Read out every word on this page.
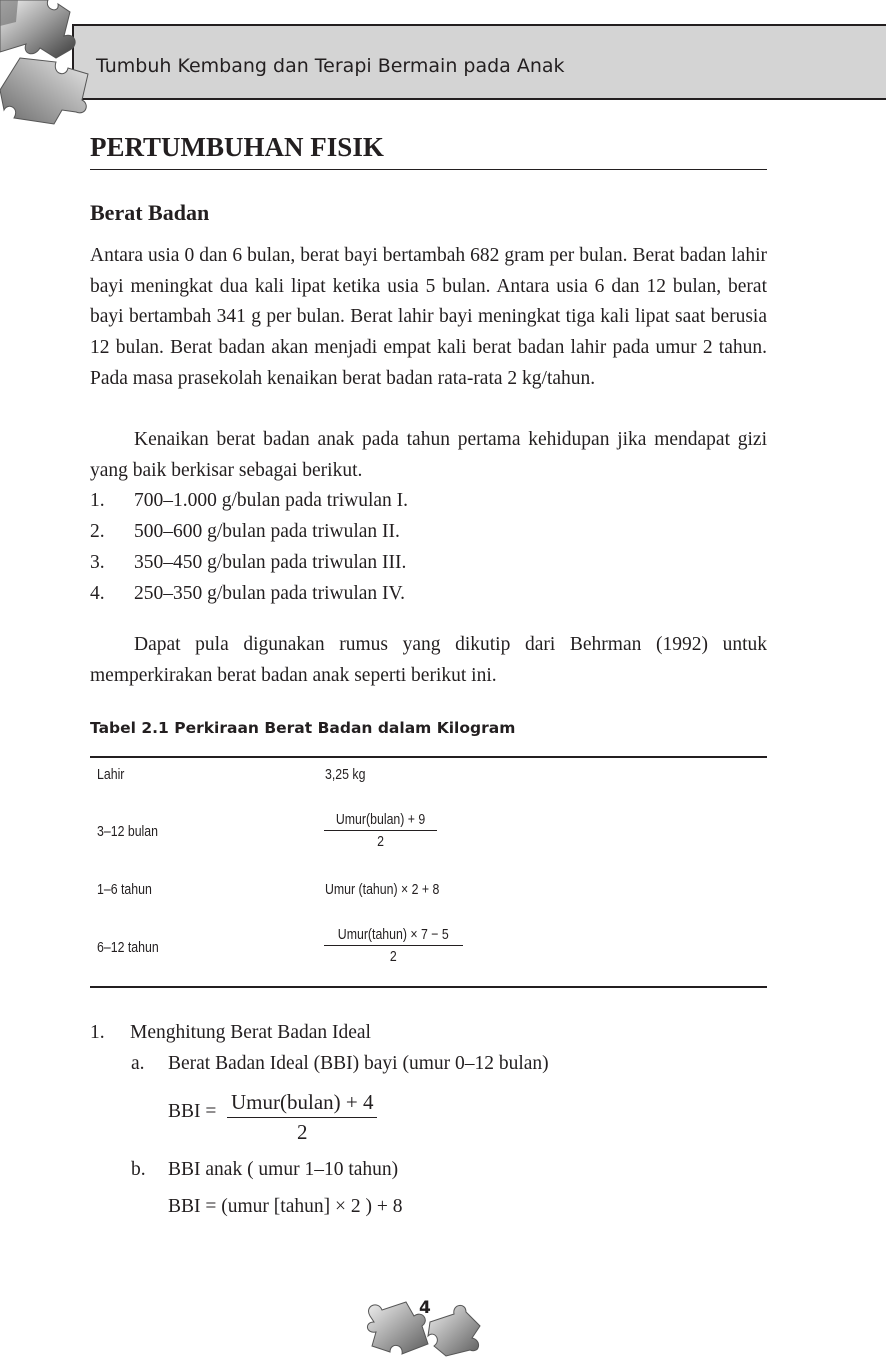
Tumbuh Kembang dan Terapi Bermain pada Anak
PERTUMBUHAN FISIK
Berat Badan
Antara usia 0 dan 6 bulan, berat bayi bertambah 682 gram per bulan. Berat badan lahir bayi meningkat dua kali lipat ketika usia 5 bulan. Antara usia 6 dan 12 bulan, berat bayi bertambah 341 g per bulan. Berat lahir bayi meningkat tiga kali lipat saat berusia 12 bulan. Berat badan akan menjadi empat kali berat badan lahir pada umur 2 tahun. Pada masa prasekolah kenaikan berat badan rata-rata 2 kg/tahun.
Kenaikan berat badan anak pada tahun pertama kehidupan jika mendapat gizi yang baik berkisar sebagai berikut.
1. 700–1.000 g/bulan pada triwulan I.
2. 500–600 g/bulan pada triwulan II.
3. 350–450 g/bulan pada triwulan III.
4. 250–350 g/bulan pada triwulan IV.
Dapat pula digunakan rumus yang dikutip dari Behrman (1992) untuk memperkirakan berat badan anak seperti berikut ini.
Tabel 2.1 Perkiraan Berat Badan dalam Kilogram
Lahir	3,25 kg
3–12 bulan
Umur(bulan) + 9
2
1–6 tahun	Umur (tahun) × 2 + 8
6–12 tahun
Umur(tahun) × 7 − 5
2
1. Menghitung Berat Badan Ideal
a. Berat Badan Ideal (BBI) bayi (umur 0–12 bulan)
BBI = Umur(bulan) + 4
2
b. BBI anak ( umur 1–10 tahun)
BBI = (umur [tahun] × 2 ) + 8
4
